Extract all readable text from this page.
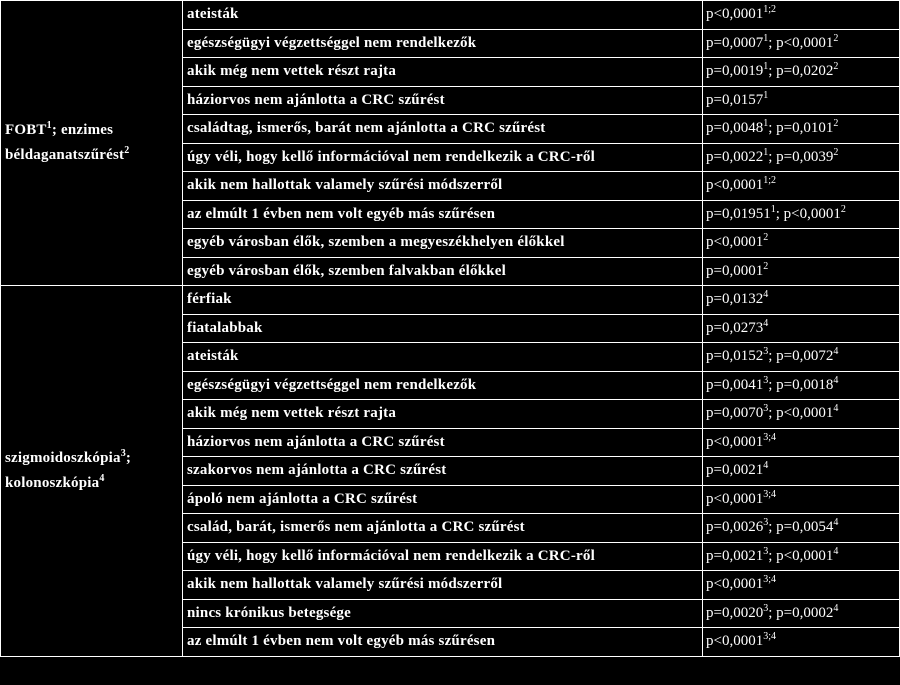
FOBT$^1$; enzimes béldaganatszűrést$^2$	ateisták	$p<0,0001^{1;2}$
	egészségügyi végzettséggel nem rendelkezők	$p=0,0007^1$; $p<0,0001^2$
	akik még nem vettek részt rajta	$p=0,0019^1$; $p=0,0202^2$
	háziorvos nem ajánlotta a CRC szűrést	$p=0,0157^1$
	családtag, ismerős, barát nem ajánlotta a CRC szűrést	$p=0,0048^1$; $p=0,0101^2$
	úgy véli, hogy kellő információval nem rendelkezik a CRC-ről	$p=0,0022^1$; $p=0,0039^2$
	akik nem hallottak valamely szűrési módszerről	$p<0,0001^{1;2}$
	az elmúlt 1 évben nem volt egyéb más szűrésen	$p=0,01951^1$; $p<0,0001^2$
	egyéb városban élők, szemben a megyeszékhelyen élőkkel	$p<0,0001^2$
	egyéb városban élők, szemben falvakban élőkkel	$p=0,0001^2$
szigmoidoszkópia$^3$; kolonoszkópia$^4$	férfiak	$p=0,0132^4$
	fiatalabbak	$p=0,0273^4$
	ateisták	$p=0,0152^3$; $p=0,0072^4$
	egészségügyi végzettséggel nem rendelkezők	$p=0,0041^3$; $p=0,0018^4$
	akik még nem vettek részt rajta	$p=0,0070^3$; $p<0,0001^4$
	háziorvos nem ajánlotta a CRC szűrést	$p<0,0001^{3;4}$
	szakorvos nem ajánlotta a CRC szűrést	$p=0,0021^4$
	ápoló nem ajánlotta a CRC szűrést	$p<0,0001^{3;4}$
	család, barát, ismerős nem ajánlotta a CRC szűrést	$p=0,0026^3$; $p=0,0054^4$
	úgy véli, hogy kellő információval nem rendelkezik a CRC-ről	$p=0,0021^3$; $p<0,0001^4$
	akik nem hallottak valamely szűrési módszerről	$p<0,0001^{3;4}$
	nincs krónikus betegsége	$p=0,0020^3$; $p=0,0002^4$
	az elmúlt 1 évben nem volt egyéb más szűrésen	$p<0,0001^{3;4}$
